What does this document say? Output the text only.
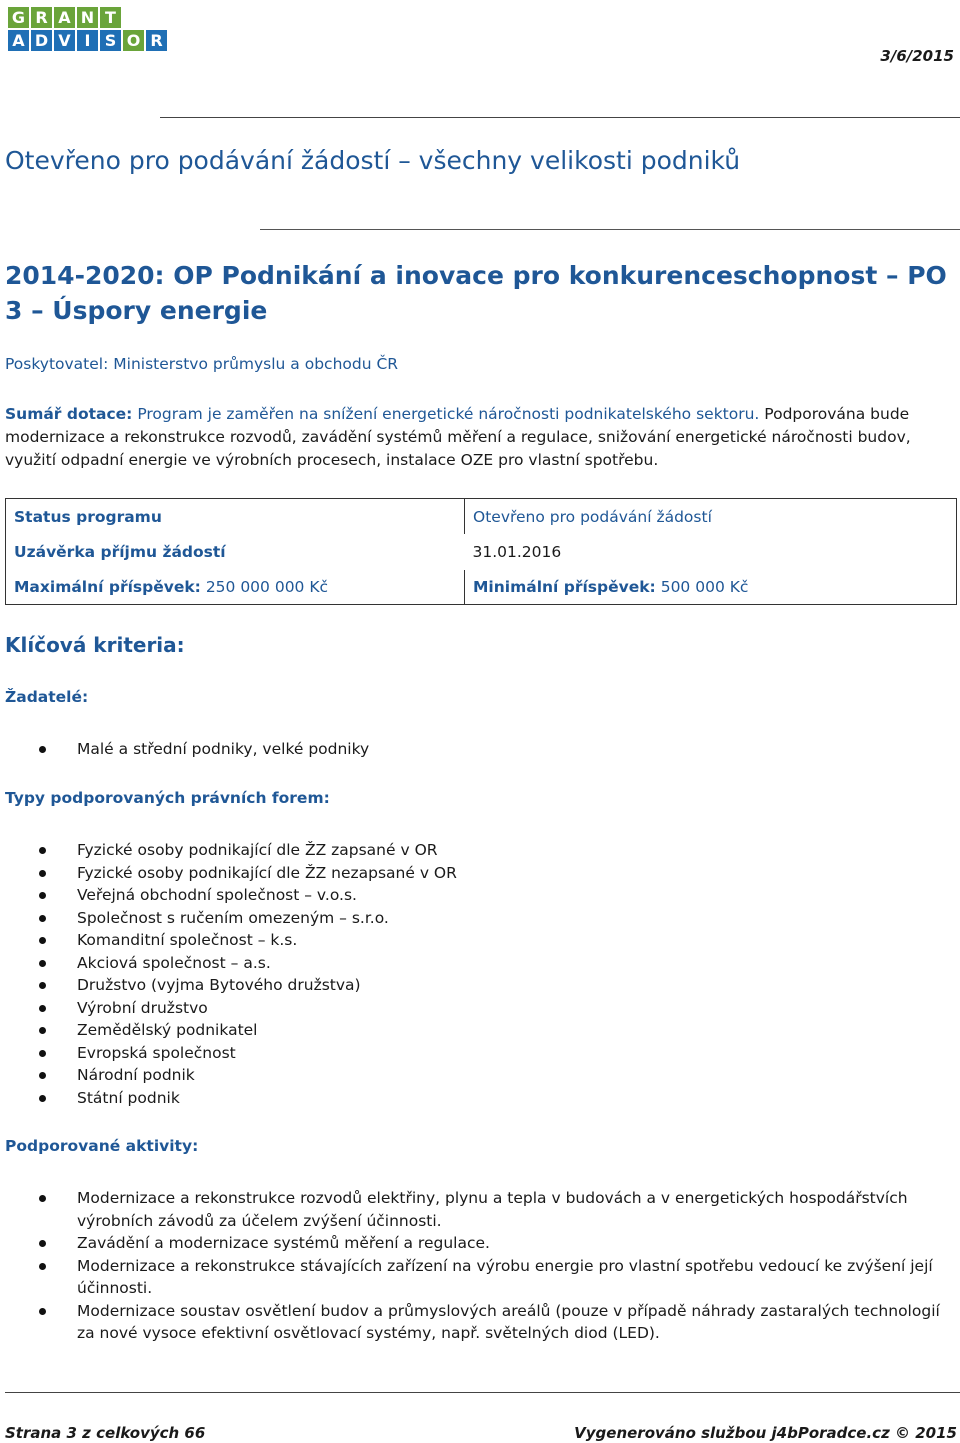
G R A N T
A D V I S O R
3/6/2015
Otevřeno pro podávání žádostí – všechny velikosti podniků
2014-2020: OP Podnikání a inovace pro konkurenceschopnost – PO 3 – Úspory energie
Poskytovatel: Ministerstvo průmyslu a obchodu ČR
Sumář dotace: Program je zaměřen na snížení energetické náročnosti podnikatelského sektoru. Podporována bude modernizace a rekonstrukce rozvodů, zavádění systémů měření a regulace, snižování energetické náročnosti budov, využití odpadní energie ve výrobních procesech, instalace OZE pro vlastní spotřebu.
Status programu	Otevřeno pro podávání žádostí
Uzávěrka příjmu žádostí	31.01.2016
Maximální příspěvek: 250 000 000 Kč	Minimální příspěvek: 500 000 Kč
Klíčová kriteria:
Žadatelé:
Malé a střední podniky, velké podniky
Typy podporovaných právních forem:
Fyzické osoby podnikající dle ŽZ zapsané v OR
Fyzické osoby podnikající dle ŽZ nezapsané v OR
Veřejná obchodní společnost – v.o.s.
Společnost s ručením omezeným – s.r.o.
Komanditní společnost – k.s.
Akciová společnost – a.s.
Družstvo (vyjma Bytového družstva)
Výrobní družstvo
Zemědělský podnikatel
Evropská společnost
Národní podnik
Státní podnik
Podporované aktivity:
Modernizace a rekonstrukce rozvodů elektřiny, plynu a tepla v budovách a v energetických hospodářstvích výrobních závodů za účelem zvýšení účinnosti.
Zavádění a modernizace systémů měření a regulace.
Modernizace a rekonstrukce stávajících zařízení na výrobu energie pro vlastní spotřebu vedoucí ke zvýšení její účinnosti.
Modernizace soustav osvětlení budov a průmyslových areálů (pouze v případě náhrady zastaralých technologií za nové vysoce efektivní osvětlovací systémy, např. světelných diod (LED).
Strana 3 z celkových 66	Vygenerováno službou j4bPoradce.cz © 2015
